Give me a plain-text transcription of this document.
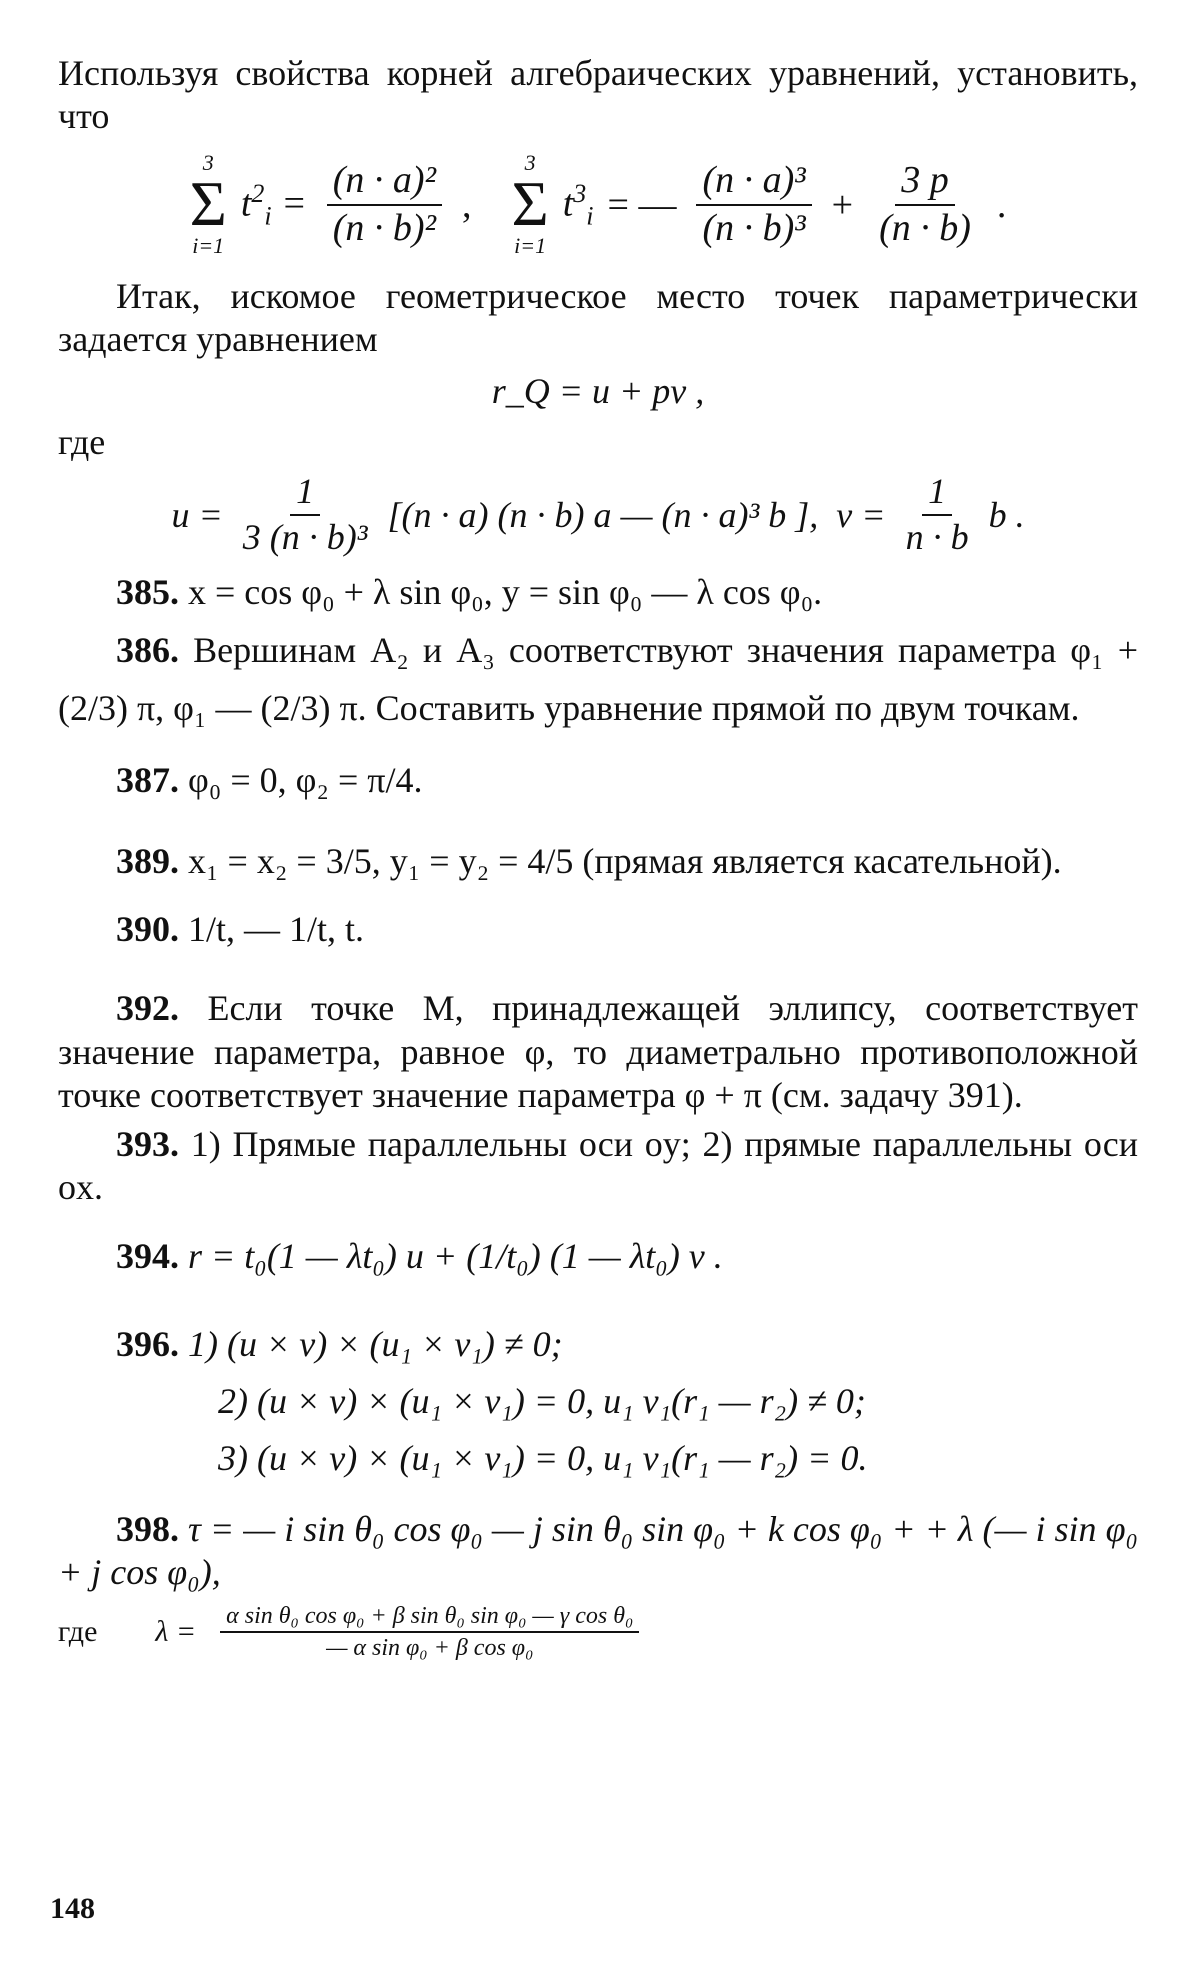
Используя свойства корней алгебраических уравнений, установить, что

3
Σ
i=1
$t^2_i = \frac{\text{(n · a)²}}{\text{(n · b)²}}$ ,
3
Σ
i=1
$t^3_i$ = — $\frac{\text{(n · a)³}}{\text{(n · b)³}} + \frac{3 p}{(n \cdot b)}$ .

Итак, искомое геометрическое место точек параметрически задается уравнением

r_Q = u + pv ,

где

$u = \frac{1}{\text{3 (n · b)³}} [(n \cdot a) (n \cdot b)$ a — (n · a)³ b ], $v = \frac{1}{n \cdot b}$ b .

385. x = cos φ₀ + λ sin φ₀, y = sin φ₀ — λ cos φ₀.

386. Вершинам A₂ и A₃ соответствуют значения параметра φ₁ + (2/3) π, φ₁ — (2/3) π. Составить уравнение прямой по двум точкам.

387. φ₀ = 0, φ₂ = π/4.

389. x₁ = x₂ = 3/5, y₁ = y₂ = 4/5 (прямая является касательной).

390. 1/t, — 1/t, t.

392. Если точке M, принадлежащей эллипсу, соответствует значение параметра, равное φ, то диаметрально противоположной точке соответствует значение параметра φ + π (см. задачу 391).

393. 1) Прямые параллельны оси oy; 2) прямые параллельны оси ox.

394. r = t₀(1 — λt₀) u + (1/t₀) (1 — λt₀) v .

396. 1) (u × v) × (u₁ × v₁) ≠ 0;

2) (u × v) × (u₁ × v₁) = 0, u₁ v₁(r₁ — r₂) ≠ 0;

3) (u × v) × (u₁ × v₁) = 0, u₁ v₁(r₁ — r₂) = 0.

398. τ = — i sin θ₀ cos φ₀ — j sin θ₀ sin φ₀ + k cos φ₀ + + λ (— i sin φ₀ + j cos φ₀),

где $\lambda = \frac{\text{α sin θ₀ cos φ₀ + β sin θ₀ sin φ₀ — γ cos θ₀}}{\text{— α sin φ₀ + β cos φ₀}}$
148
